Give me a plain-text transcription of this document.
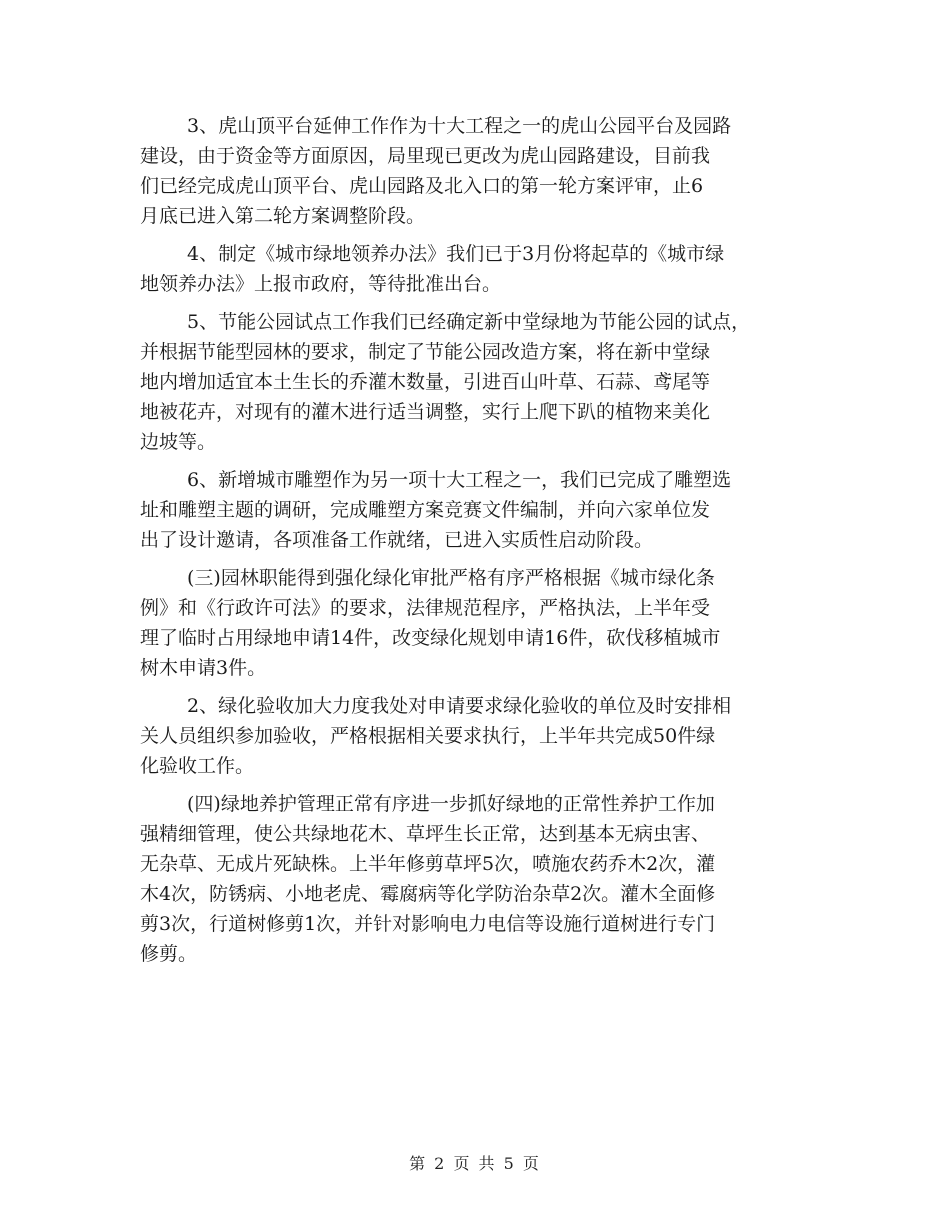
3、虎山顶平台延伸工作作为十大工程之一的虎山公园平台及园路
建设，由于资金等方面原因，局里现已更改为虎山园路建设，目前我
们已经完成虎山顶平台、虎山园路及北入口的第一轮方案评审，止6
月底已进入第二轮方案调整阶段。
4、制定《城市绿地领养办法》我们已于3月份将起草的《城市绿
地领养办法》上报市政府，等待批准出台。
5、节能公园试点工作我们已经确定新中堂绿地为节能公园的试点，
并根据节能型园林的要求，制定了节能公园改造方案，将在新中堂绿
地内增加适宜本土生长的乔灌木数量，引进百山叶草、石蒜、鸢尾等
地被花卉，对现有的灌木进行适当调整，实行上爬下趴的植物来美化
边坡等。
6、新增城市雕塑作为另一项十大工程之一，我们已完成了雕塑选
址和雕塑主题的调研，完成雕塑方案竞赛文件编制，并向六家单位发
出了设计邀请，各项准备工作就绪，已进入实质性启动阶段。
(三)园林职能得到强化绿化审批严格有序严格根据《城市绿化条
例》和《行政许可法》的要求，法律规范程序，严格执法，上半年受
理了临时占用绿地申请14件，改变绿化规划申请16件，砍伐移植城市
树木申请3件。
2、绿化验收加大力度我处对申请要求绿化验收的单位及时安排相
关人员组织参加验收，严格根据相关要求执行，上半年共完成50件绿
化验收工作。
(四)绿地养护管理正常有序进一步抓好绿地的正常性养护工作加
强精细管理，使公共绿地花木、草坪生长正常，达到基本无病虫害、
无杂草、无成片死缺株。上半年修剪草坪5次，喷施农药乔木2次，灌
木4次，防锈病、小地老虎、霉腐病等化学防治杂草2次。灌木全面修
剪3次，行道树修剪1次，并针对影响电力电信等设施行道树进行专门
修剪。
第 2 页 共 5 页
